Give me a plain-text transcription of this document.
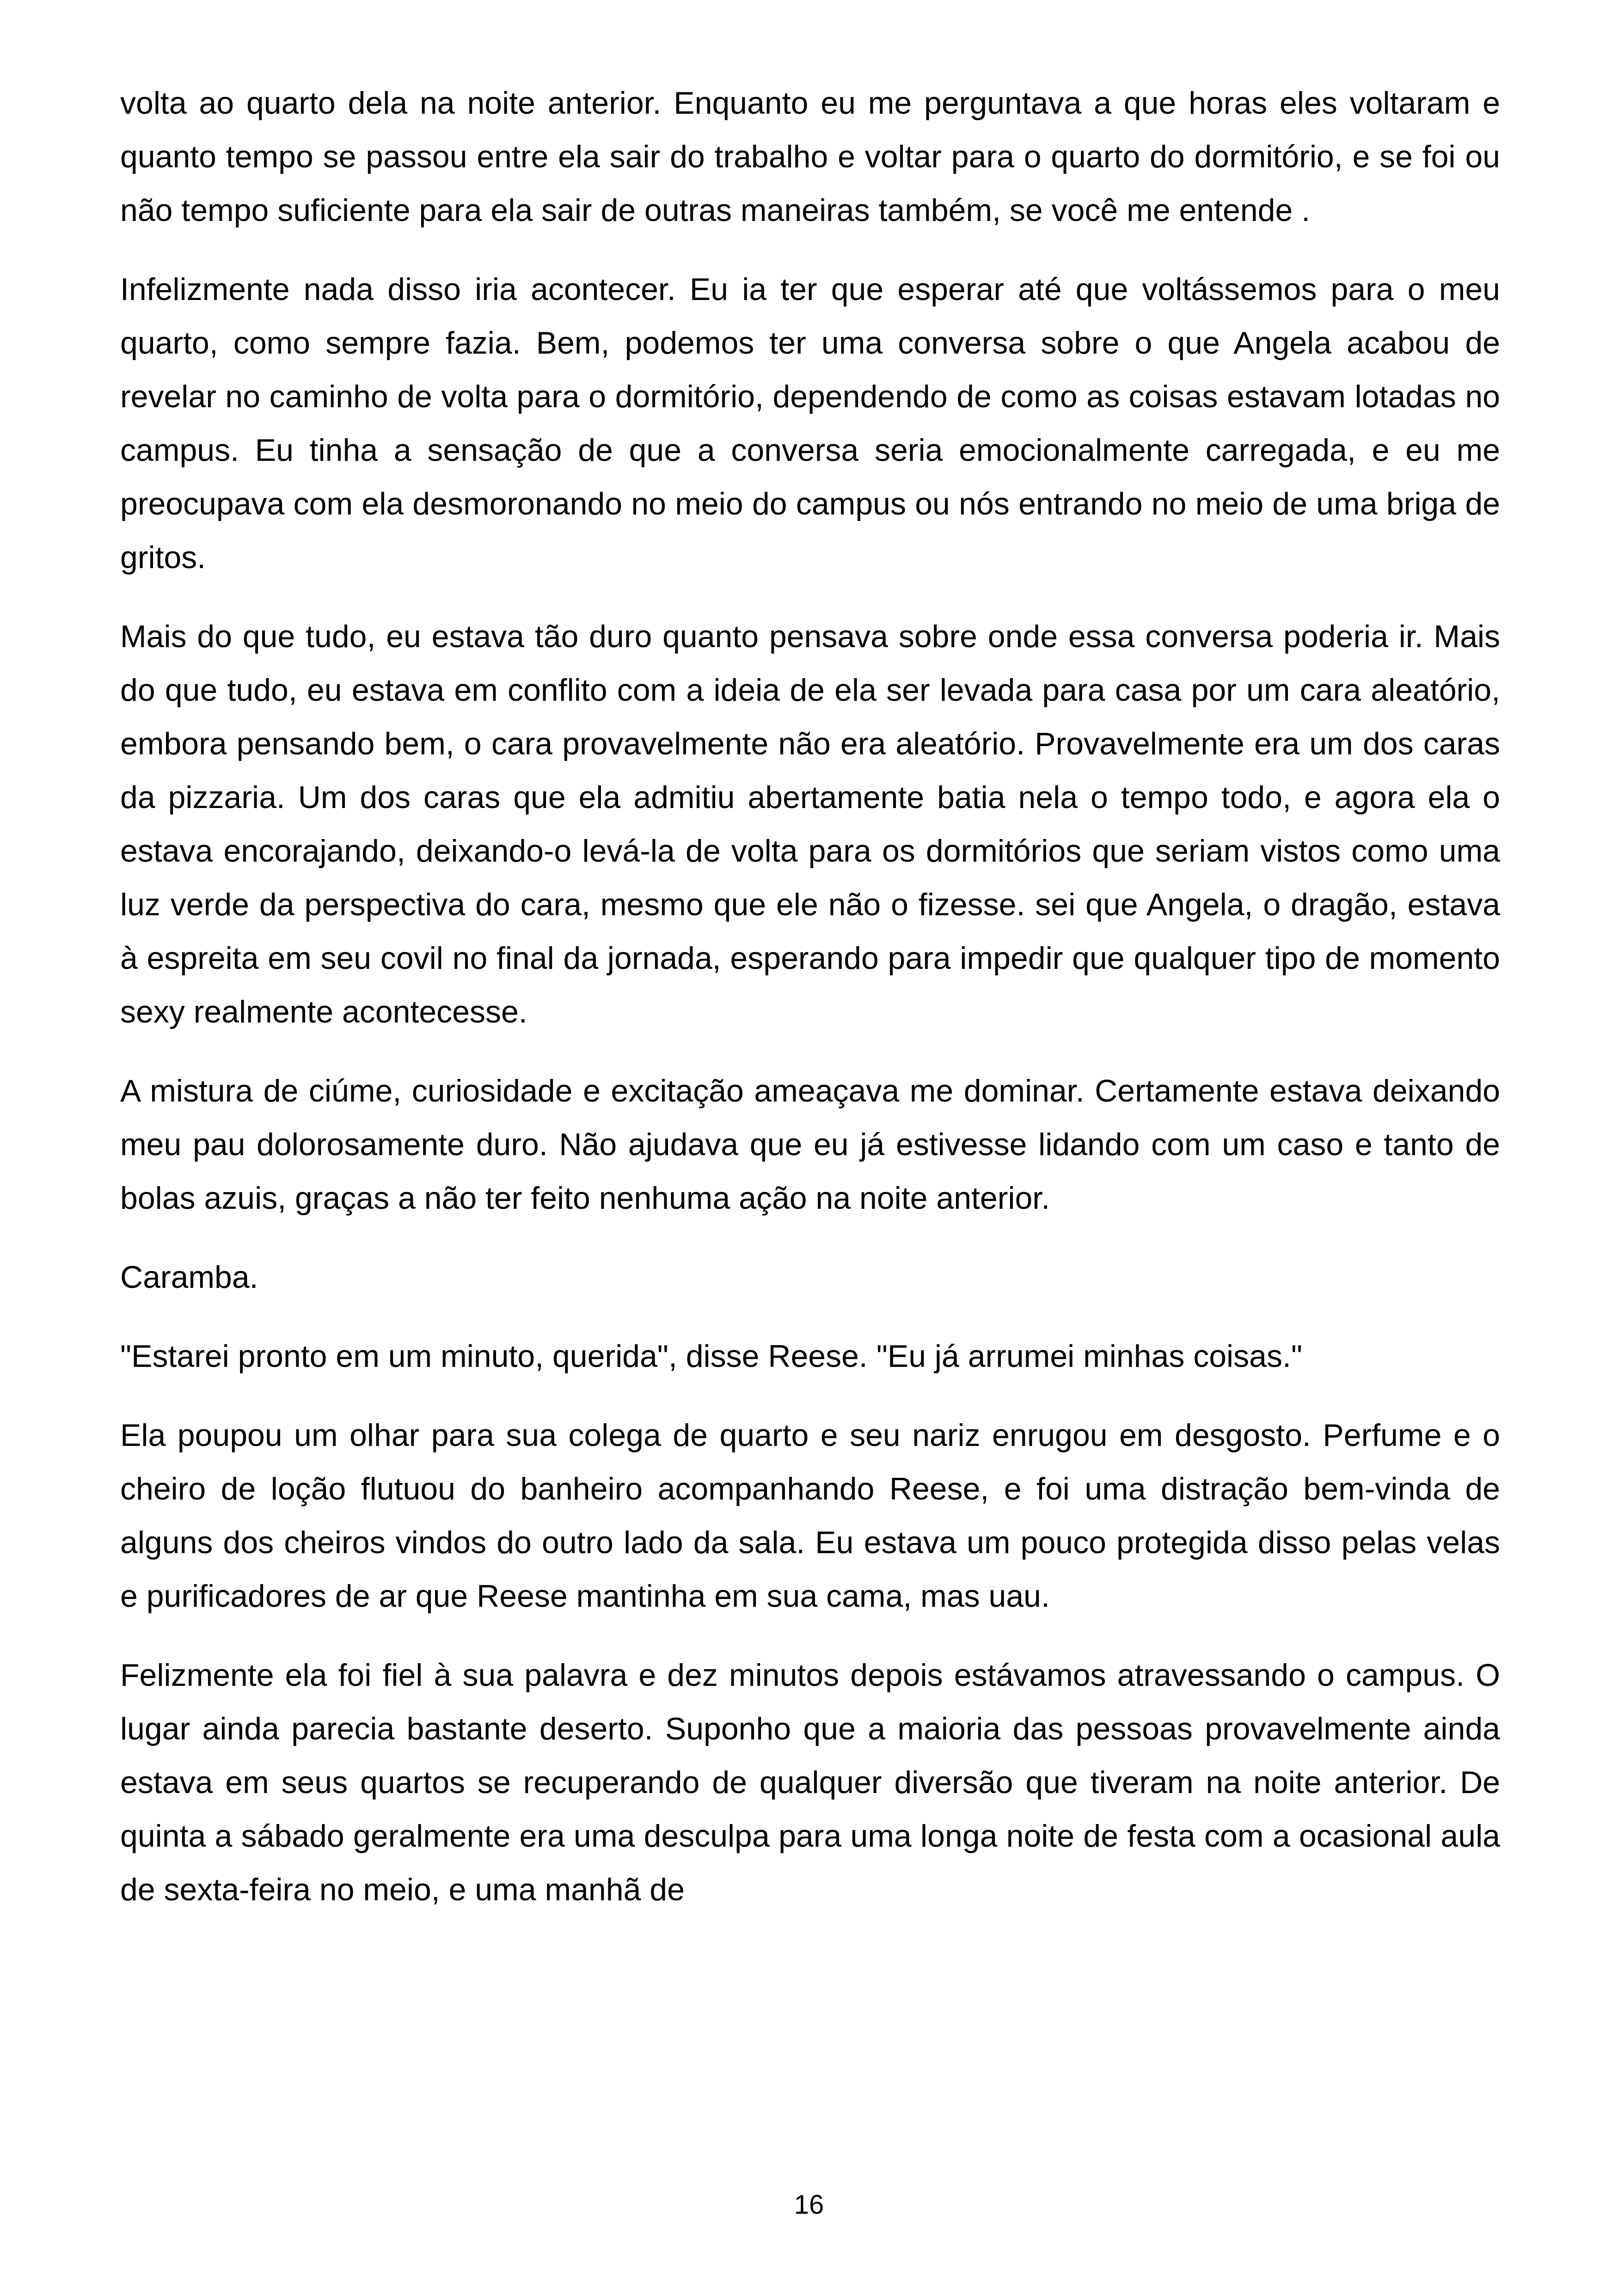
volta ao quarto dela na noite anterior. Enquanto eu me perguntava a que horas eles voltaram e quanto tempo se passou entre ela sair do trabalho e voltar para o quarto do dormitório, e se foi ou não tempo suficiente para ela sair de outras maneiras também, se você me entende .

Infelizmente nada disso iria acontecer. Eu ia ter que esperar até que voltássemos para o meu quarto, como sempre fazia. Bem, podemos ter uma conversa sobre o que Angela acabou de revelar no caminho de volta para o dormitório, dependendo de como as coisas estavam lotadas no campus. Eu tinha a sensação de que a conversa seria emocionalmente carregada, e eu me preocupava com ela desmoronando no meio do campus ou nós entrando no meio de uma briga de gritos.

Mais do que tudo, eu estava tão duro quanto pensava sobre onde essa conversa poderia ir. Mais do que tudo, eu estava em conflito com a ideia de ela ser levada para casa por um cara aleatório, embora pensando bem, o cara provavelmente não era aleatório. Provavelmente era um dos caras da pizzaria. Um dos caras que ela admitiu abertamente batia nela o tempo todo, e agora ela o estava encorajando, deixando-o levá-la de volta para os dormitórios que seriam vistos como uma luz verde da perspectiva do cara, mesmo que ele não o fizesse. sei que Angela, o dragão, estava à espreita em seu covil no final da jornada, esperando para impedir que qualquer tipo de momento sexy realmente acontecesse.

A mistura de ciúme, curiosidade e excitação ameaçava me dominar. Certamente estava deixando meu pau dolorosamente duro. Não ajudava que eu já estivesse lidando com um caso e tanto de bolas azuis, graças a não ter feito nenhuma ação na noite anterior.

Caramba.

"Estarei pronto em um minuto, querida", disse Reese. "Eu já arrumei minhas coisas."

Ela poupou um olhar para sua colega de quarto e seu nariz enrugou em desgosto. Perfume e o cheiro de loção flutuou do banheiro acompanhando Reese, e foi uma distração bem-vinda de alguns dos cheiros vindos do outro lado da sala. Eu estava um pouco protegida disso pelas velas e purificadores de ar que Reese mantinha em sua cama, mas uau.

Felizmente ela foi fiel à sua palavra e dez minutos depois estávamos atravessando o campus. O lugar ainda parecia bastante deserto. Suponho que a maioria das pessoas provavelmente ainda estava em seus quartos se recuperando de qualquer diversão que tiveram na noite anterior. De quinta a sábado geralmente era uma desculpa para uma longa noite de festa com a ocasional aula de sexta-feira no meio, e uma manhã de

16
